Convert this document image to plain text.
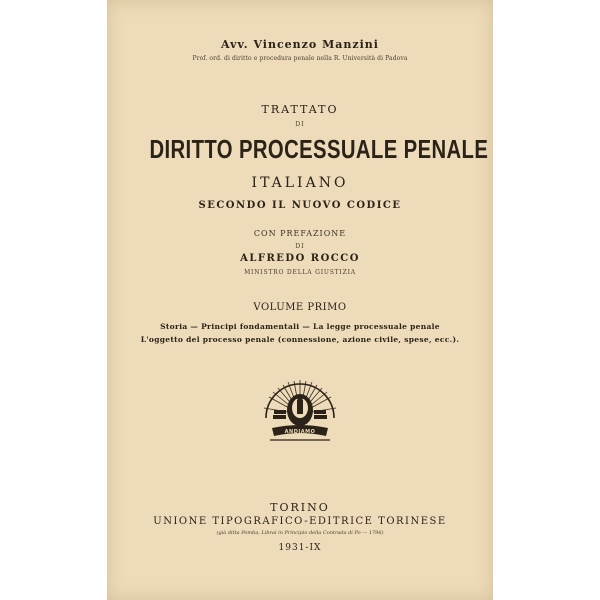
Avv. Vincenzo Manzini
Prof. ord. di diritto e procedura penale nella R. Università di Padova
TRATTATO
DI
DIRITTO PROCESSUALE PENALE
ITALIANO
SECONDO IL NUOVO CODICE
CON PREFAZIONE
DI
ALFREDO ROCCO
MINISTRO DELLA GIUSTIZIA
VOLUME PRIMO
Storia — Principi fondamentali — La legge processuale penale
L'oggetto del processo penale (connessione, azione civile, spese, ecc.).
ANDIAMO
TORINO
UNIONE TIPOGRAFICO-EDITRICE TORINESE
(già ditta Pomba, Librai in Principio della Contrada di Po — 1796)
1931-IX
